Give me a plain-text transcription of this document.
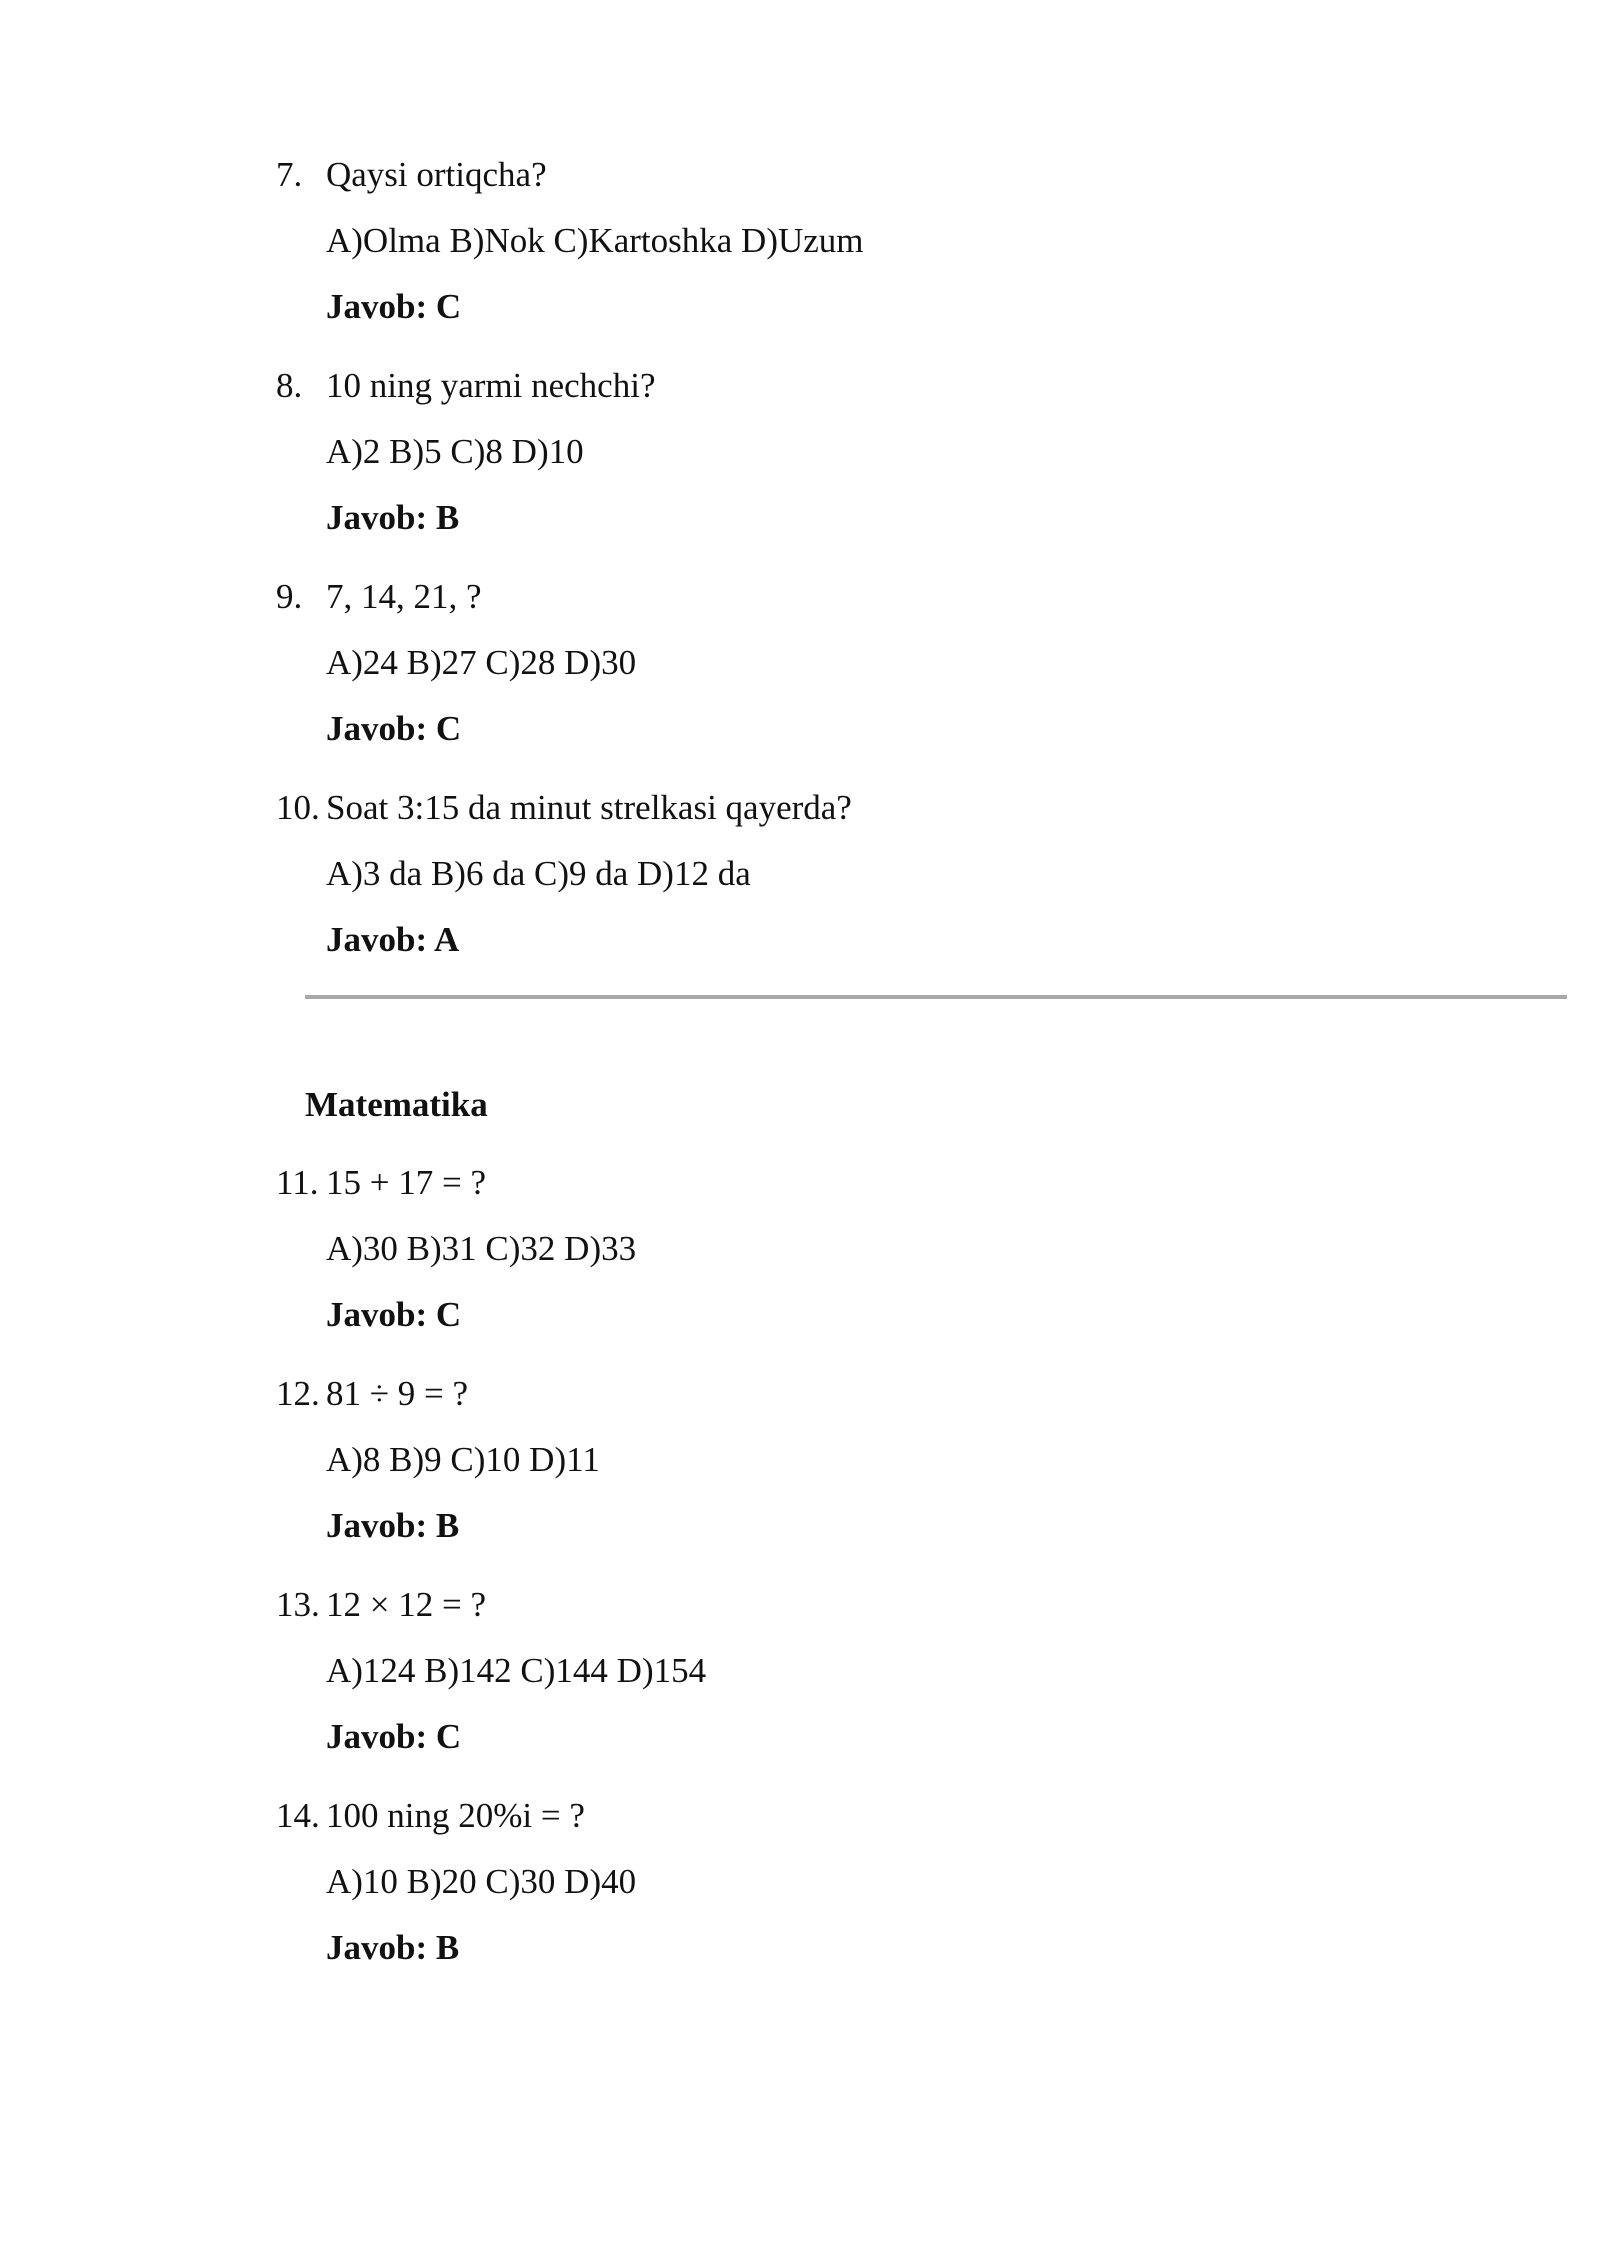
7. Qaysi ortiqcha?
A)Olma B)Nok C)Kartoshka D)Uzum
Javob: C
8. 10 ning yarmi nechchi?
A)2 B)5 C)8 D)10
Javob: B
9. 7, 14, 21, ?
A)24 B)27 C)28 D)30
Javob: C
10. Soat 3:15 da minut strelkasi qayerda?
A)3 da B)6 da C)9 da D)12 da
Javob: A
Matematika
11. 15 + 17 = ?
A)30 B)31 C)32 D)33
Javob: C
12. 81 ÷ 9 = ?
A)8 B)9 C)10 D)11
Javob: B
13. 12 × 12 = ?
A)124 B)142 C)144 D)154
Javob: C
14. 100 ning 20%i = ?
A)10 B)20 C)30 D)40
Javob: B
